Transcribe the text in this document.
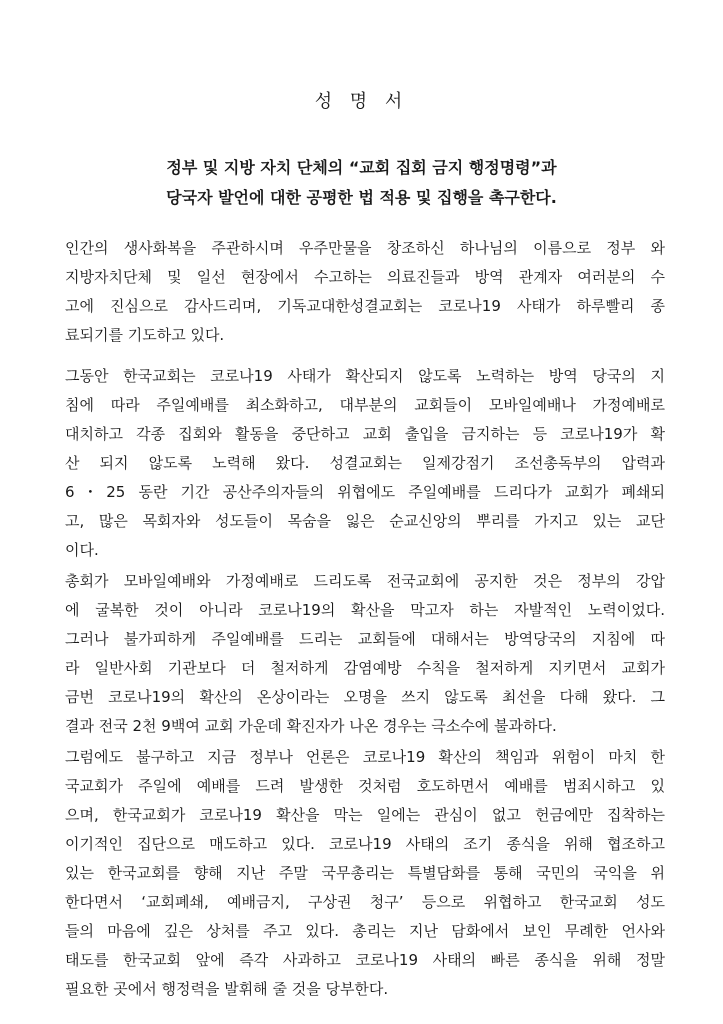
성 명 서

정부 및 지방 자치 단체의 “교회 집회 금지 행정명령”과

당국자 발언에 대한 공평한 법 적용 및 집행을 촉구한다.

인간의 생사화복을 주관하시며 우주만물을 창조하신 하나님의 이름으로 정부 와
지방자치단체 및 일선 현장에서 수고하는 의료진들과 방역 관계자 여러분의 수
고에 진심으로 감사드리며, 기독교대한성결교회는 코로나19 사태가 하루빨리 종
료되기를 기도하고 있다.
그동안 한국교회는 코로나19 사태가 확산되지 않도록 노력하는 방역 당국의 지
침에 따라 주일예배를 최소화하고, 대부분의 교회들이 모바일예배나 가정예배로
대치하고 각종 집회와 활동을 중단하고 교회 출입을 금지하는 등 코로나19가 확
산 되지 않도록 노력해 왔다. 성결교회는 일제강점기 조선총독부의 압력과
6・25 동란 기간 공산주의자들의 위협에도 주일예배를 드리다가 교회가 폐쇄되
고, 많은 목회자와 성도들이 목숨을 잃은 순교신앙의 뿌리를 가지고 있는 교단
이다.
총회가 모바일예배와 가정예배로 드리도록 전국교회에 공지한 것은 정부의 강압
에 굴복한 것이 아니라 코로나19의 확산을 막고자 하는 자발적인 노력이었다.
그러나 불가피하게 주일예배를 드리는 교회들에 대해서는 방역당국의 지침에 따
라 일반사회 기관보다 더 철저하게 감염예방 수칙을 철저하게 지키면서 교회가
금번 코로나19의 확산의 온상이라는 오명을 쓰지 않도록 최선을 다해 왔다. 그
결과 전국 2천 9백여 교회 가운데 확진자가 나온 경우는 극소수에 불과하다.
그럼에도 불구하고 지금 정부나 언론은 코로나19 확산의 책임과 위험이 마치 한
국교회가 주일에 예배를 드려 발생한 것처럼 호도하면서 예배를 범죄시하고 있
으며, 한국교회가 코로나19 확산을 막는 일에는 관심이 없고 헌금에만 집착하는
이기적인 집단으로 매도하고 있다. 코로나19 사태의 조기 종식을 위해 협조하고
있는 한국교회를 향해 지난 주말 국무총리는 특별담화를 통해 국민의 국익을 위
한다면서 ‘교회폐쇄, 예배금지, 구상권 청구’ 등으로 위협하고 한국교회 성도
들의 마음에 깊은 상처를 주고 있다. 총리는 지난 담화에서 보인 무례한 언사와
태도를 한국교회 앞에 즉각 사과하고 코로나19 사태의 빠른 종식을 위해 정말
필요한 곳에서 행정력을 발휘해 줄 것을 당부한다.
